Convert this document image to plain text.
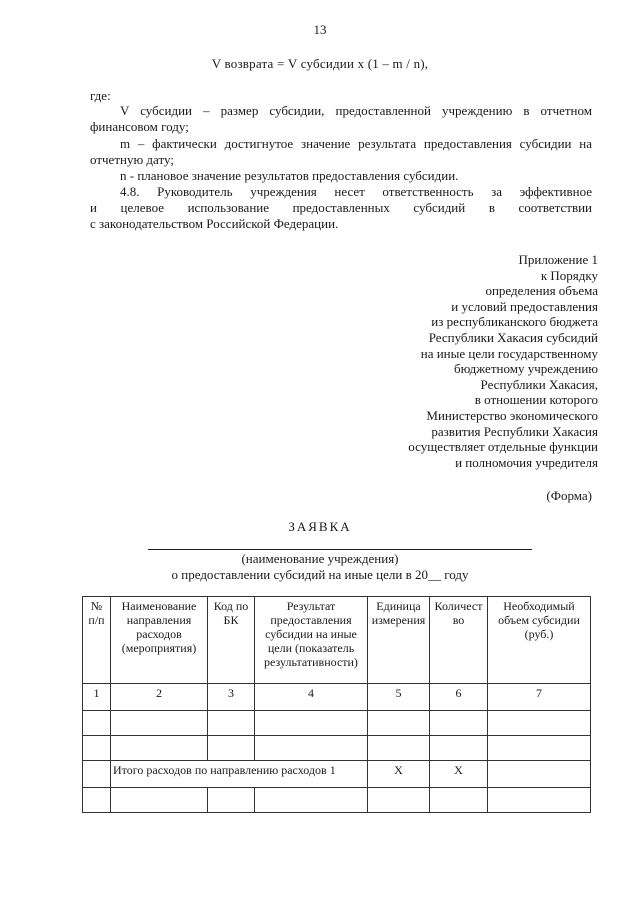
13
V возврата = V субсидии х (1 – m / n),
где:
V субсидии – размер субсидии, предоставленной учреждению в отчетном финансовом году;
m – фактически достигнутое значение результата предоставления субсидии на отчетную дату;
n - плановое значение результатов предоставления субсидии.
4.8. Руководитель учреждения несет ответственность за эффективное
и целевое использование предоставленных субсидий в соответствии
с законодательством Российской Федерации.
Приложение 1
к Порядку
определения объема
и условий предоставления
из республиканского бюджета
Республики Хакасия субсидий
на иные цели государственному
бюджетному учреждению
Республики Хакасия,
в отношении которого
Министерство экономического
развития Республики Хакасия
осуществляет отдельные функции
и полномочия учредителя
(Форма)
ЗАЯВКА
(наименование учреждения)
о предоставлении субсидий на иные цели в 20__ году
№ п/п	Наименование направления расходов (мероприятия)	Код по БК	Результат предоставления субсидии на иные цели (показатель результативности)	Единица измерения	Количест во	Необходимый объем субсидии (руб.)
1	2	3	4	5	6	7

	Итого расходов по направлению расходов 1			X	X	
